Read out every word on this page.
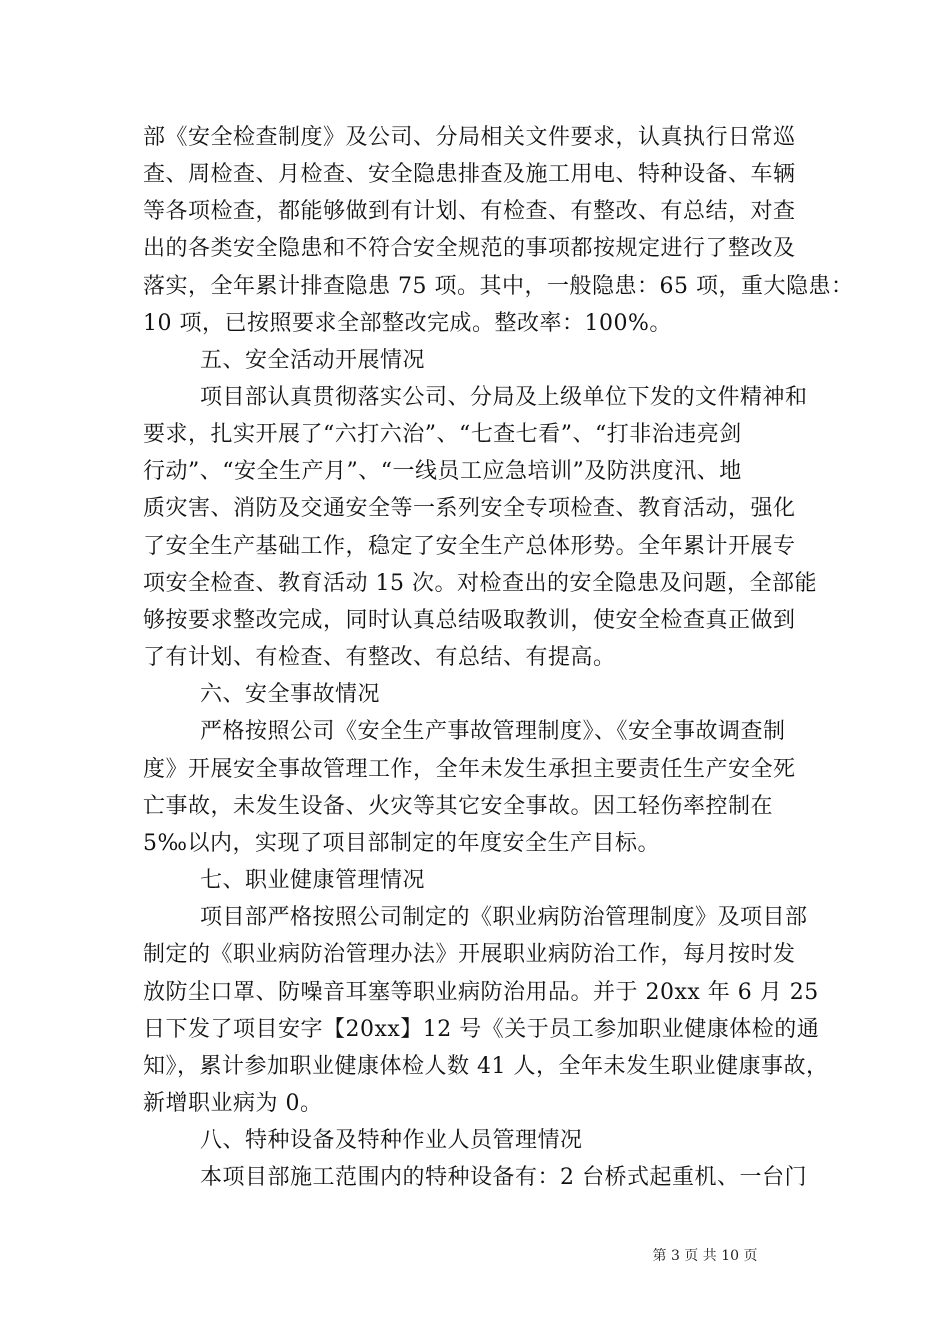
部《安全检查制度》及公司、分局相关文件要求，认真执行日常巡
查、周检查、月检查、安全隐患排查及施工用电、特种设备、车辆
等各项检查，都能够做到有计划、有检查、有整改、有总结，对查
出的各类安全隐患和不符合安全规范的事项都按规定进行了整改及
落实，全年累计排查隐患 75 项。其中，一般隐患：65 项，重大隐患：
10 项，已按照要求全部整改完成。整改率：100%。
五、安全活动开展情况
项目部认真贯彻落实公司、分局及上级单位下发的文件精神和
要求，扎实开展了“六打六治”、“七查七看”、“打非治违亮剑
行动”、“安全生产月”、“一线员工应急培训”及防洪度汛、地
质灾害、消防及交通安全等一系列安全专项检查、教育活动，强化
了安全生产基础工作，稳定了安全生产总体形势。全年累计开展专
项安全检查、教育活动 15 次。对检查出的安全隐患及问题，全部能
够按要求整改完成，同时认真总结吸取教训，使安全检查真正做到
了有计划、有检查、有整改、有总结、有提高。
六、安全事故情况
严格按照公司《安全生产事故管理制度》、《安全事故调查制
度》开展安全事故管理工作，全年未发生承担主要责任生产安全死
亡事故，未发生设备、火灾等其它安全事故。因工轻伤率控制在
5‰以内，实现了项目部制定的年度安全生产目标。
七、职业健康管理情况
项目部严格按照公司制定的《职业病防治管理制度》及项目部
制定的《职业病防治管理办法》开展职业病防治工作，每月按时发
放防尘口罩、防噪音耳塞等职业病防治用品。并于 20xx 年 6 月 25
日下发了项目安字【20xx】12 号《关于员工参加职业健康体检的通
知》，累计参加职业健康体检人数 41 人，全年未发生职业健康事故，
新增职业病为 0。
八、特种设备及特种作业人员管理情况
本项目部施工范围内的特种设备有：2 台桥式起重机、一台门
第 3 页 共 10 页
